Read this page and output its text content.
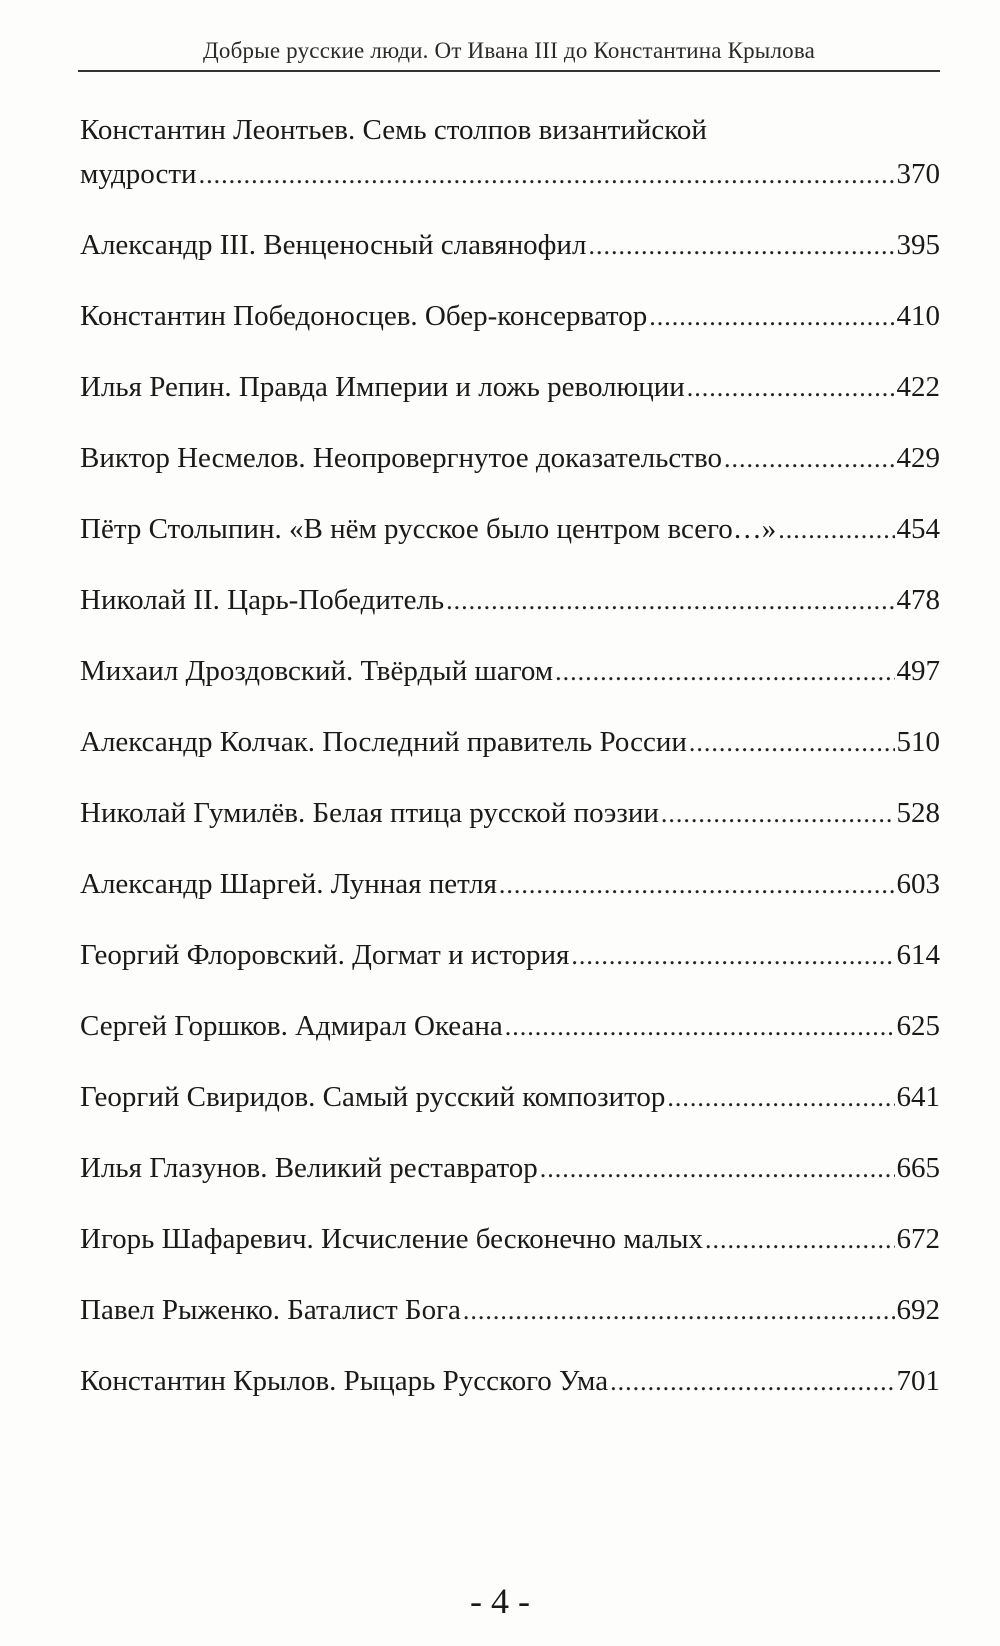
Добрые русские люди. От Ивана III до Константина Крылова
Константин Леонтьев. Семь столпов византийской
мудрости .....	370
Александр III. Венценосный славянофил .....	395
Константин Победоносцев. Обер-консерватор .....	410
Илья Репин. Правда Империи и ложь революции .....	422
Виктор Несмелов. Неопровергнутое доказательство .....	429
Пётр Столыпин. «В нём русское было центром всего…» .....	454
Николай II. Царь-Победитель .....	478
Михаил Дроздовский. Твёрдый шагом .....	497
Александр Колчак. Последний правитель России .....	510
Николай Гумилёв. Белая птица русской поэзии .....	528
Александр Шаргей. Лунная петля .....	603
Георгий Флоровский. Догмат и история .....	614
Сергей Горшков. Адмирал Океана .....	625
Георгий Свиридов. Самый русский композитор .....	641
Илья Глазунов. Великий реставратор .....	665
Игорь Шафаревич. Исчисление бесконечно малых .....	672
Павел Рыженко. Баталист Бога .....	692
Константин Крылов. Рыцарь Русского Ума .....	701
- 4 -
